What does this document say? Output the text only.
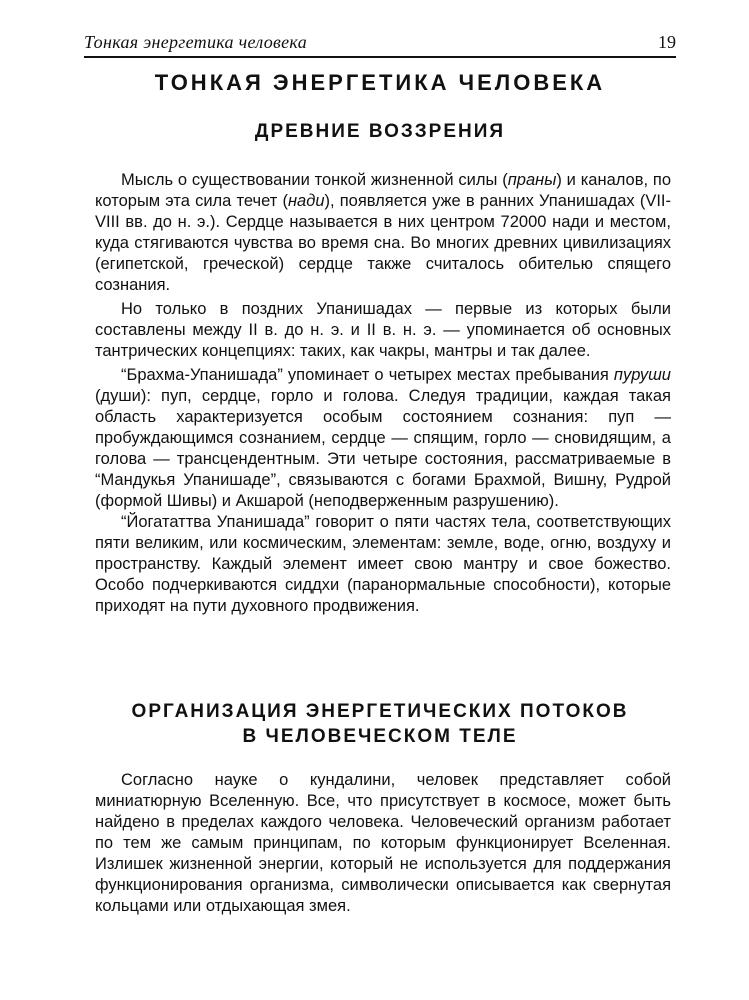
Тонкая энергетика человека	19
ТОНКАЯ ЭНЕРГЕТИКА ЧЕЛОВЕКА
ДРЕВНИЕ ВОЗЗРЕНИЯ

Мысль о существовании тонкой жизненной силы (праны) и каналов, по которым эта сила течет (нади), появляется уже в ранних Упанишадах (VII-VIII вв. до н. э.). Сердце называется в них центром 72000 нади и местом, куда стягиваются чувства во время сна. Во многих древних цивилизациях (египетской, греческой) сердце также считалось обителью спящего сознания.

Но только в поздних Упанишадах — первые из которых были составлены между II в. до н. э. и II в. н. э. — упоминается об основных тантрических концепциях: таких, как чакры, мантры и так далее.

“Брахма-Упанишада” упоминает о четырех местах пребывания пуруши (души): пуп, сердце, горло и голова. Следуя традиции, каждая такая область характеризуется особым состоянием сознания: пуп — пробуждающимся сознанием, сердце — спящим, горло — сновидящим, а голова — трансцендентным. Эти четыре состояния, рассматриваемые в “Мандукья Упанишаде”, связываются с богами Брахмой, Вишну, Рудрой (формой Шивы) и Акшарой (неподверженным разрушению).

“Йогататтва Упанишада” говорит о пяти частях тела, соответствующих пяти великим, или космическим, элементам: земле, воде, огню, воздуху и пространству. Каждый элемент имеет свою мантру и свое божество. Особо подчеркиваются сиддхи (паранормальные способности), которые приходят на пути духовного продвижения.

ОРГАНИЗАЦИЯ ЭНЕРГЕТИЧЕСКИХ ПОТОКОВ
В ЧЕЛОВЕЧЕСКОМ ТЕЛЕ

Согласно науке о кундалини, человек представляет собой миниатюрную Вселенную. Все, что присутствует в космосе, может быть найдено в пределах каждого человека. Человеческий организм работает по тем же самым принципам, по которым функционирует Вселенная. Излишек жизненной энергии, который не используется для поддержания функционирования организма, символически описывается как свернутая кольцами или отдыхающая змея.
